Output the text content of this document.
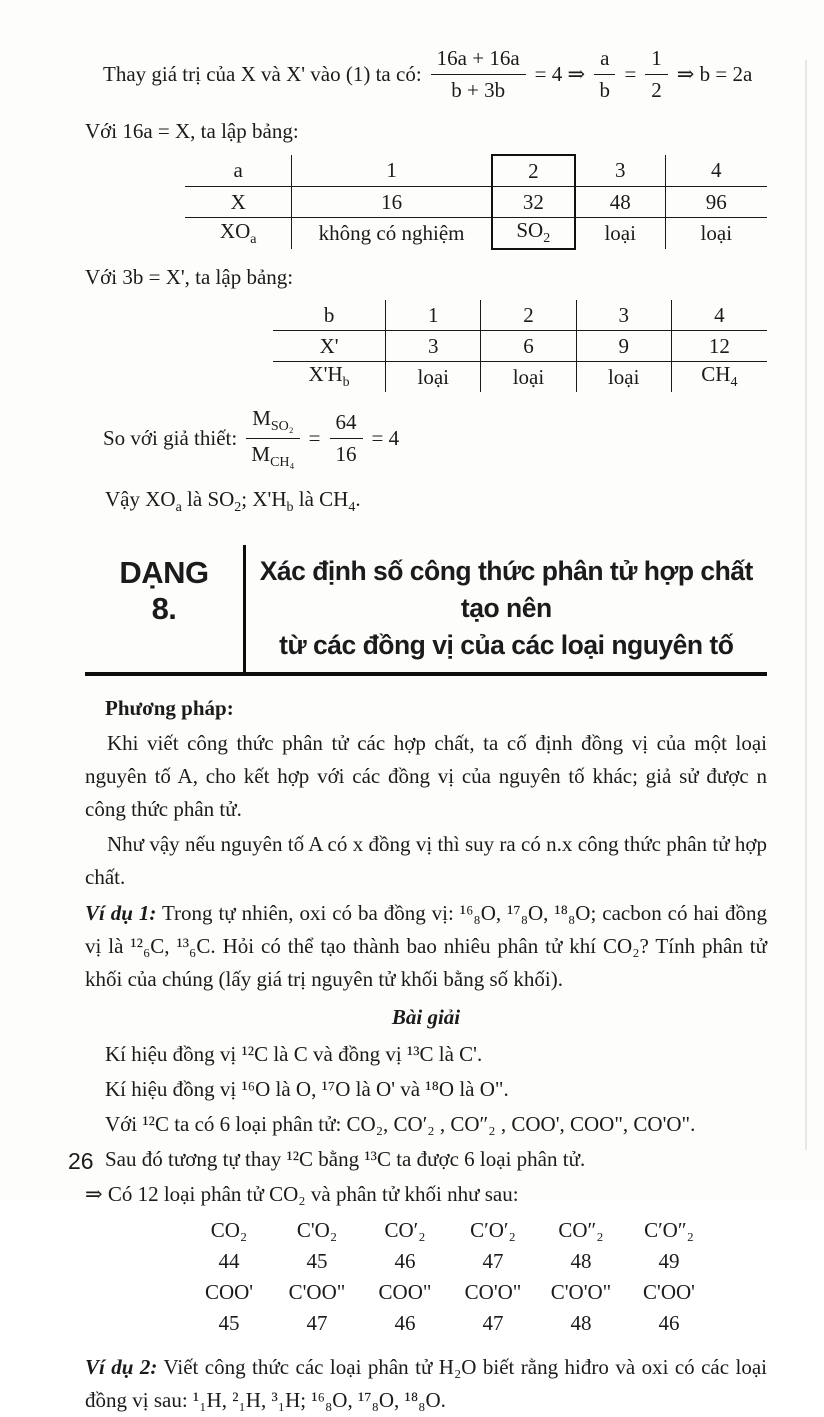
Thay giá trị của X và X' vào (1) ta có: $\frac{16a + 16a}{b + 3b} = 4$ ⇒ $\frac{a}{b} = \frac{1}{2}$ ⇒ b = 2a
Với 16a = X, ta lập bảng:
a	1	2	3	4
X	16	32	48	96
$XO_a$	không có nghiệm	$SO_2$	loại	loại
Với 3b = X', ta lập bảng:
b	1	2	3	4
X'	3	6	9	12
$X'H_b$	loại	loại	loại	$CH_4$
So với giả thiết: $\frac{M_{SO_2}}{M_{CH_4}} = \frac{64}{16} = 4$
Vậy $XO_a$ là $SO_2$; $X'H_b$ là $CH_4$.
DẠNG
8.
Xác định số công thức phân tử hợp chất tạo nên
từ các đồng vị của các loại nguyên tố
Phương pháp:

Khi viết công thức phân tử các hợp chất, ta cố định đồng vị của một loại nguyên tố A, cho kết hợp với các đồng vị của nguyên tố khác; giả sử được n công thức phân tử.

Như vậy nếu nguyên tố A có x đồng vị thì suy ra có n.x công thức phân tử hợp chất.

Ví dụ 1: Trong tự nhiên, oxi có ba đồng vị: ¹⁶₈O, ¹⁷₈O, ¹⁸₈O; cacbon có hai đồng vị là ¹²₆C, ¹³₆C. Hỏi có thể tạo thành bao nhiêu phân tử khí CO₂? Tính phân tử khối của chúng (lấy giá trị nguyên tử khối bằng số khối).

Bài giải
Kí hiệu đồng vị ¹²C là C và đồng vị ¹³C là C'.
Kí hiệu đồng vị ¹⁶O là O, ¹⁷O là O' và ¹⁸O là O".
Với ¹²C ta có 6 loại phân tử: CO₂, CO′₂ , CO″₂ , COO', COO", CO'O".
Sau đó tương tự thay ¹²C bằng ¹³C ta được 6 loại phân tử.
⇒ Có 12 loại phân tử CO₂ và phân tử khối như sau:
CO₂	C'O₂	CO′₂	C′O′₂	CO″₂	C′O″₂
44	45	46	47	48	49
COO'	C'OO"	COO"	CO'O"	C'O'O"	C'OO'
45	47	46	47	48	46

Ví dụ 2: Viết công thức các loại phân tử H₂O biết rằng hiđro và oxi có các loại đồng vị sau: ¹₁H, ²₁H, ³₁H; ¹⁶₈O, ¹⁷₈O, ¹⁸₈O.

26
